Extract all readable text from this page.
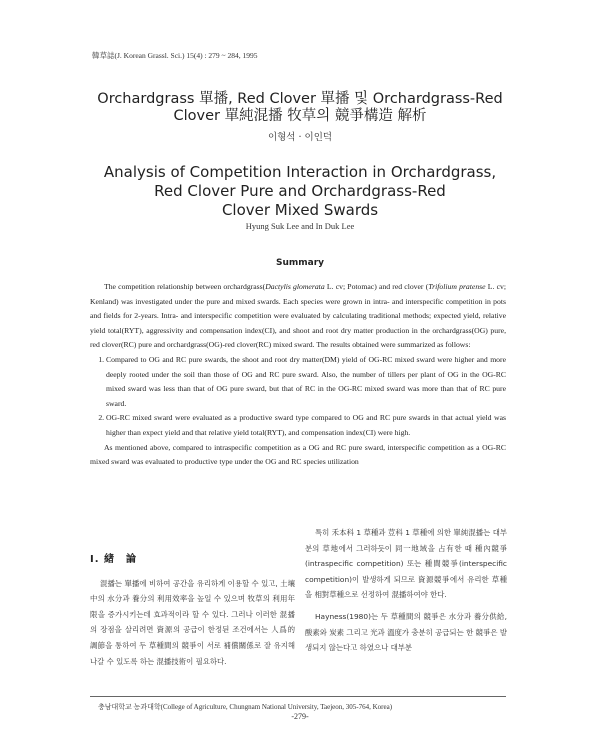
韓草誌(J. Korean Grassl. Sci.) 15(4) : 279 ~ 284, 1995
Orchardgrass 單播, Red Clover 單播 및 Orchardgrass-Red
Clover 單純混播 牧草의 競爭構造 解析
이형석 · 이인덕
Analysis of Competition Interaction in Orchardgrass,
Red Clover Pure and Orchardgrass-Red
Clover Mixed Swards
Hyung Suk Lee and In Duk Lee
Summary

The competition relationship between orchardgrass(Dactylis glomerata L. cv; Potomac) and red clover (Trifolium pratense L. cv; Kenland) was investigated under the pure and mixed swards. Each species were grown in intra- and interspecific competition in pots and fields for 2-years. Intra- and interspecific competition were evaluated by calculating traditional methods; expected yield, relative yield total(RYT), aggressivity and compensation index(CI), and shoot and root dry matter production in the orchardgrass(OG) pure, red clover(RC) pure and orchardgrass(OG)-red clover(RC) mixed sward. The results obtained were summarized as follows:

1. Compared to OG and RC pure swards, the shoot and root dry matter(DM) yield of OG-RC mixed sward were higher and more deeply rooted under the soil than those of OG and RC pure sward. Also, the number of tillers per plant of OG in the OG-RC mixed sward was less than that of OG pure sward, but that of RC in the OG-RC mixed sward was more than that of RC pure sward.
2. OG-RC mixed sward were evaluated as a productive sward type compared to OG and RC pure swards in that actual yield was higher than expect yield and that relative yield total(RYT), and compensation index(CI) were high.

As mentioned above, compared to intraspecific competition as a OG and RC pure sward, interspecific competition as a OG-RC mixed sward was evaluated to productive type under the OG and RC species utilization

I. 緖　論

混播는 單播에 비하여 공간을 유리하게 이용할 수 있고, 土壤中의 水分과 養分의 利用效率을 높일 수 있으며 牧草의 利用年限을 증가시키는데 효과적이라 할 수 있다. 그러나 이러한 混播의 장점을 살리려면 資源의 공급이 한정된 조건에서는 人爲的 調節을 통하여 두 草種間의 競爭이 서로 補償關係로 잘 유지해 나갈 수 있도록 하는 混播技術이 필요하다.

특히 禾本科 1 草種과 荳科 1 草種에 의한 單純混播는 대부분의 草地에서 그러하듯이 同一地域을 占有한 때 種內競爭(intraspecific competition) 또는 種間競爭(interspecific competition)이 발생하게 되므로 資源競爭에서 유리한 草種을 相對草種으로 선정하여 混播하여야 한다.

Hayness(1980)는 두 草種間의 競爭은 水分과 養分供給, 酸素와 炭素 그리고 光과 溫度가 충분히 공급되는 한 競爭은 발생되지 않는다고 하였으나 대부분

충남대학교 농과대학(College of Agriculture, Chungnam National University, Taejeon, 305-764, Korea)
-279-
